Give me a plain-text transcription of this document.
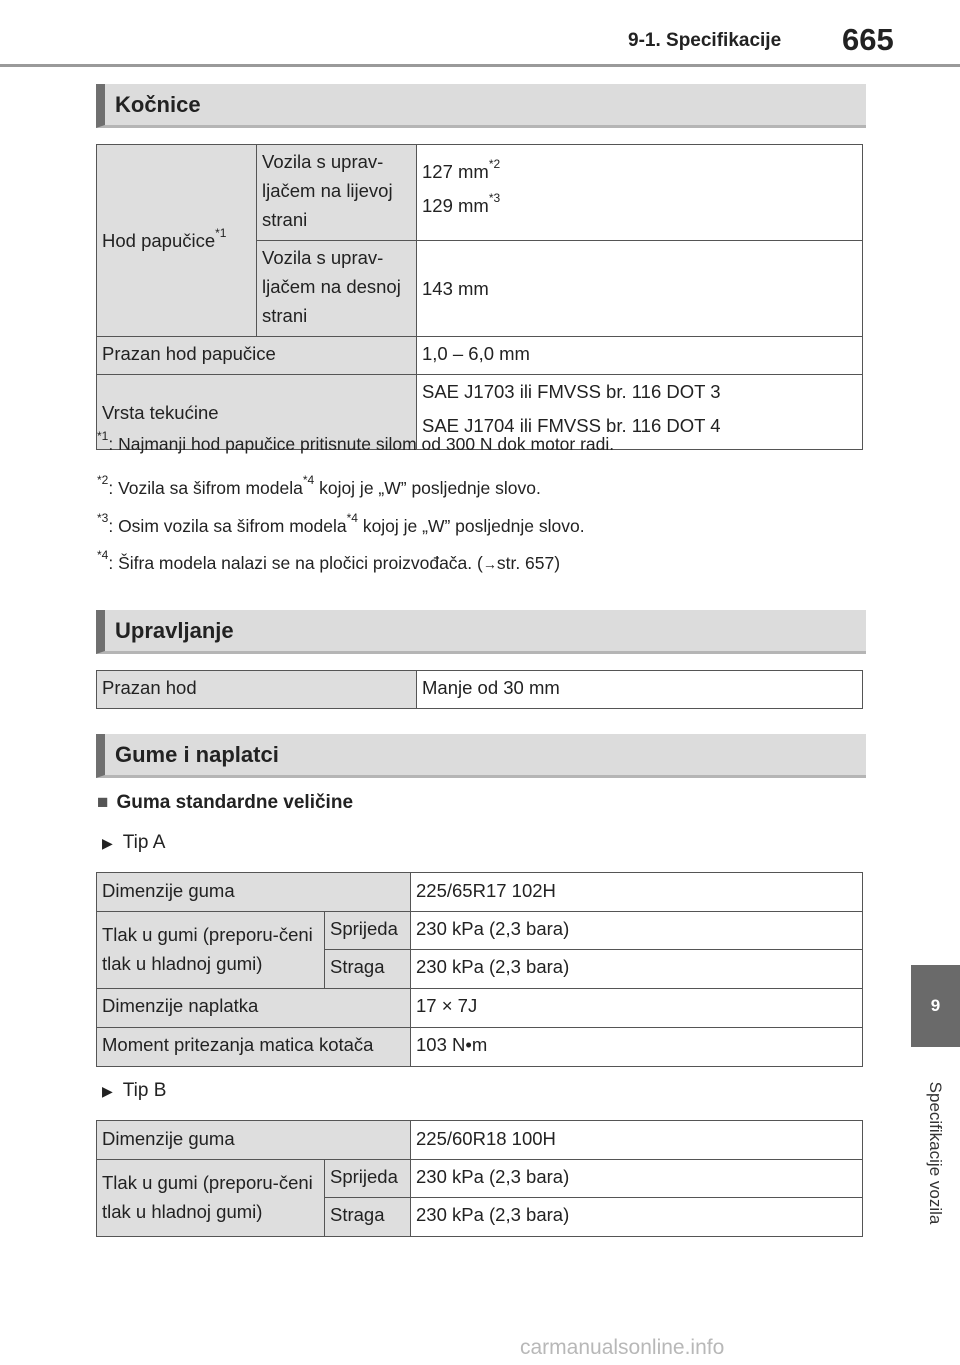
9-1. Specifikacije 665
Kočnice
Hod papučice$^{*1}$	Vozila s uprav-ljačem na lijevoj strani	127 $mm^{*2}$
129 $mm^{*3}$

	Vozila s uprav-ljačem na desnoj strani	143 mm
Prazan hod papučice		1,0 – 6,0 mm
Vrsta tekućine		SAE J1703 ili FMVSS br. 116 DOT 3
SAE J1704 ili FMVSS br. 116 DOT 4
$^{*1}$: Najmanji hod papučice pritisnute silom od 300 N dok motor radi.
$^{*2}$: Vozila sa šifrom modela$^{*4}$ kojoj je „W” posljednje slovo.
$^{*3}$: Osim vozila sa šifrom modela$^{*4}$ kojoj je „W” posljednje slovo.
$^{*4}$: Šifra modela nalazi se na pločici proizvođača. (→str. 657)
Upravljanje
Prazan hod	Manje od 30 mm
Gume i naplatci
■ Guma standardne veličine
▶ Tip A
Dimenzije guma		225/65R17 102H
Tlak u gumi (preporu-čeni tlak u hladnoj gumi)	Sprijeda	230 kPa (2,3 bara)
	Straga	230 kPa (2,3 bara)
Dimenzije naplatka		17 × 7J
Moment pritezanja matica kotača		103 N•m
▶ Tip B
Dimenzije guma		225/60R18 100H
Tlak u gumi (preporu-čeni tlak u hladnoj gumi)	Sprijeda	230 kPa (2,3 bara)
	Straga	230 kPa (2,3 bara)
9
Specifikacije vozila
carmanualsonline.info
